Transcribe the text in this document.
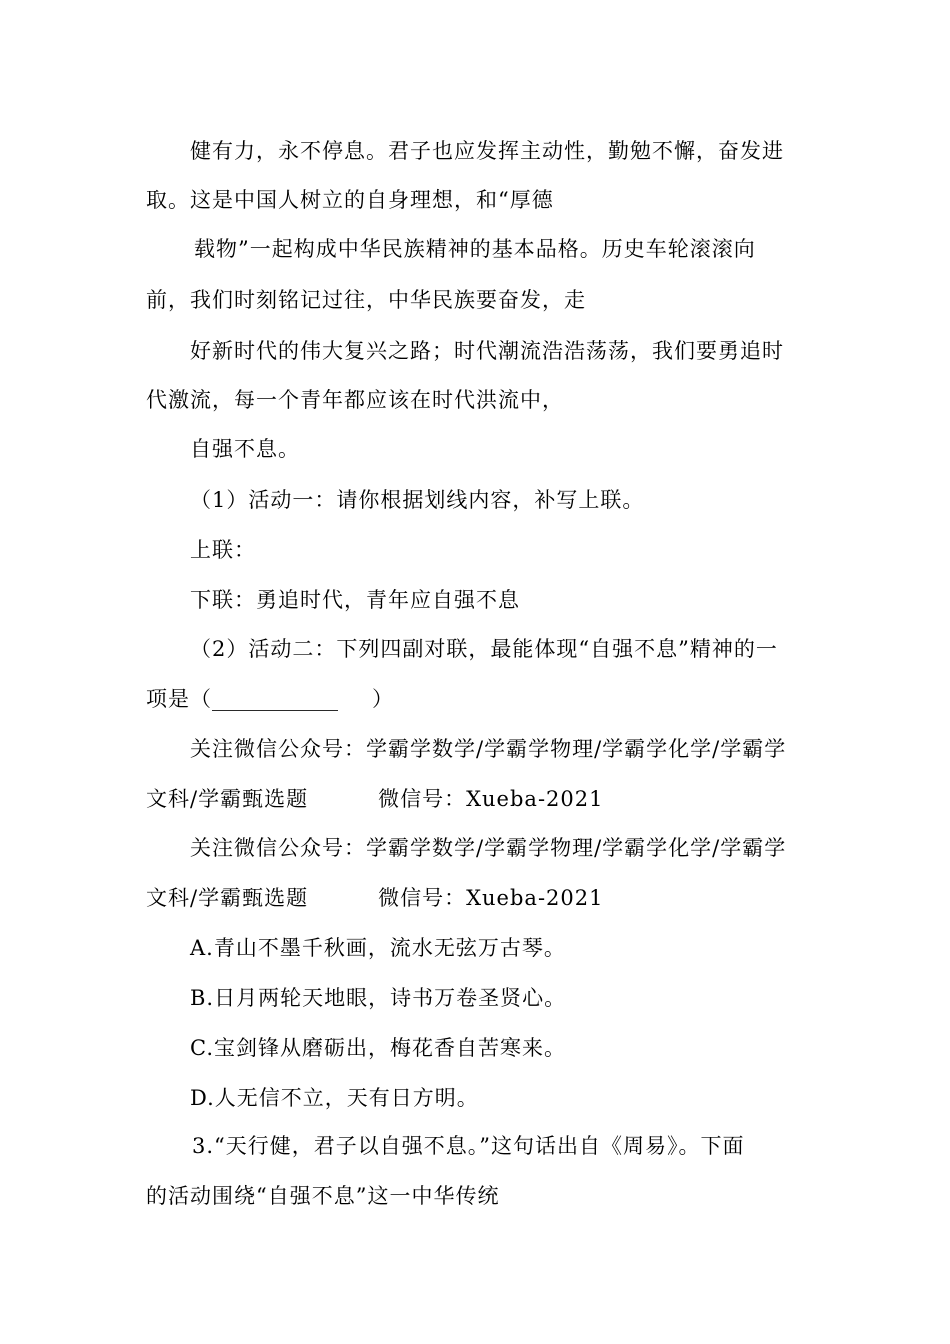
健有力，永不停息。君子也应发挥主动性，勤勉不懈，奋发进
取。这是中国人树立的自身理想，和“厚德
载物”一起构成中华民族精神的基本品格。历史车轮滚滚向
前，我们时刻铭记过往，中华民族要奋发，走
好新时代的伟大复兴之路；时代潮流浩浩荡荡，我们要勇追时
代激流，每一个青年都应该在时代洪流中，
自强不息。
（1）活动一：请你根据划线内容，补写上联。
上联：
下联：勇追时代，青年应自强不息
（2）活动二：下列四副对联，最能体现“自强不息”精神的一
项是（____________ ）
关注微信公众号：学霸学数学/学霸学物理/学霸学化学/学霸学
文科/学霸甄选题	微信号：Xueba-2021
关注微信公众号：学霸学数学/学霸学物理/学霸学化学/学霸学
文科/学霸甄选题	微信号：Xueba-2021
A.青山不墨千秋画，流水无弦万古琴。
B.日月两轮天地眼，诗书万卷圣贤心。
C.宝剑锋从磨砺出，梅花香自苦寒来。
D.人无信不立，天有日方明。
3.“天行健，君子以自强不息。”这句话出自《周易》。下面
的活动围绕“自强不息”这一中华传统
